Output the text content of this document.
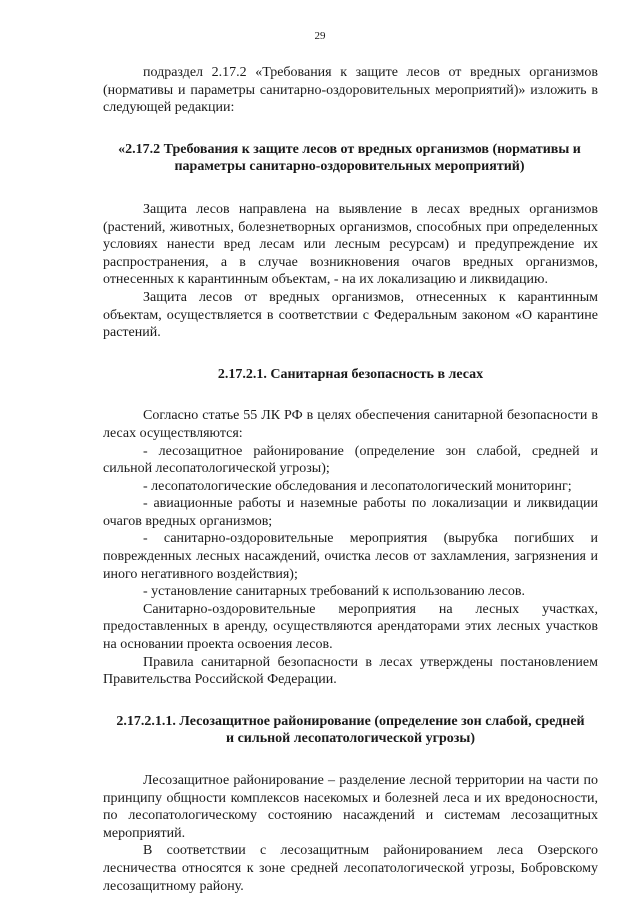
29

подраздел 2.17.2 «Требования к защите лесов от вредных организмов (нормативы и параметры санитарно-оздоровительных мероприятий)» изложить в следующей редакции:

«2.17.2 Требования к защите лесов от вредных организмов (нормативы и параметры санитарно-оздоровительных мероприятий)

Защита лесов направлена на выявление в лесах вредных организмов (растений, животных, болезнетворных организмов, способных при определенных условиях нанести вред лесам или лесным ресурсам) и предупреждение их распространения, а в случае возникновения очагов вредных организмов, отнесенных к карантинным объектам, - на их локализацию и ликвидацию.

Защита лесов от вредных организмов, отнесенных к карантинным объектам, осуществляется в соответствии с Федеральным законом «О карантине растений.

2.17.2.1. Санитарная безопасность в лесах

Согласно статье 55 ЛК РФ в целях обеспечения санитарной безопасности в лесах осуществляются:

- лесозащитное районирование (определение зон слабой, средней и сильной лесопатологической угрозы);

- лесопатологические обследования и лесопатологический мониторинг;

- авиационные работы и наземные работы по локализации и ликвидации очагов вредных организмов;

- санитарно-оздоровительные мероприятия (вырубка погибших и поврежденных лесных насаждений, очистка лесов от захламления, загрязнения и иного негативного воздействия);

- установление санитарных требований к использованию лесов.

Санитарно-оздоровительные мероприятия на лесных участках, предоставленных в аренду, осуществляются арендаторами этих лесных участков на основании проекта освоения лесов.

Правила санитарной безопасности в лесах утверждены постановлением Правительства Российской Федерации.

2.17.2.1.1. Лесозащитное районирование (определение зон слабой, средней и сильной лесопатологической угрозы)

Лесозащитное районирование – разделение лесной территории на части по принципу общности комплексов насекомых и болезней леса и их вредоносности, по лесопатологическому состоянию насаждений и системам лесозащитных мероприятий.

В соответствии с лесозащитным районированием леса Озерского лесничества относятся к зоне средней лесопатологической угрозы, Бобровскому лесозащитному району.
